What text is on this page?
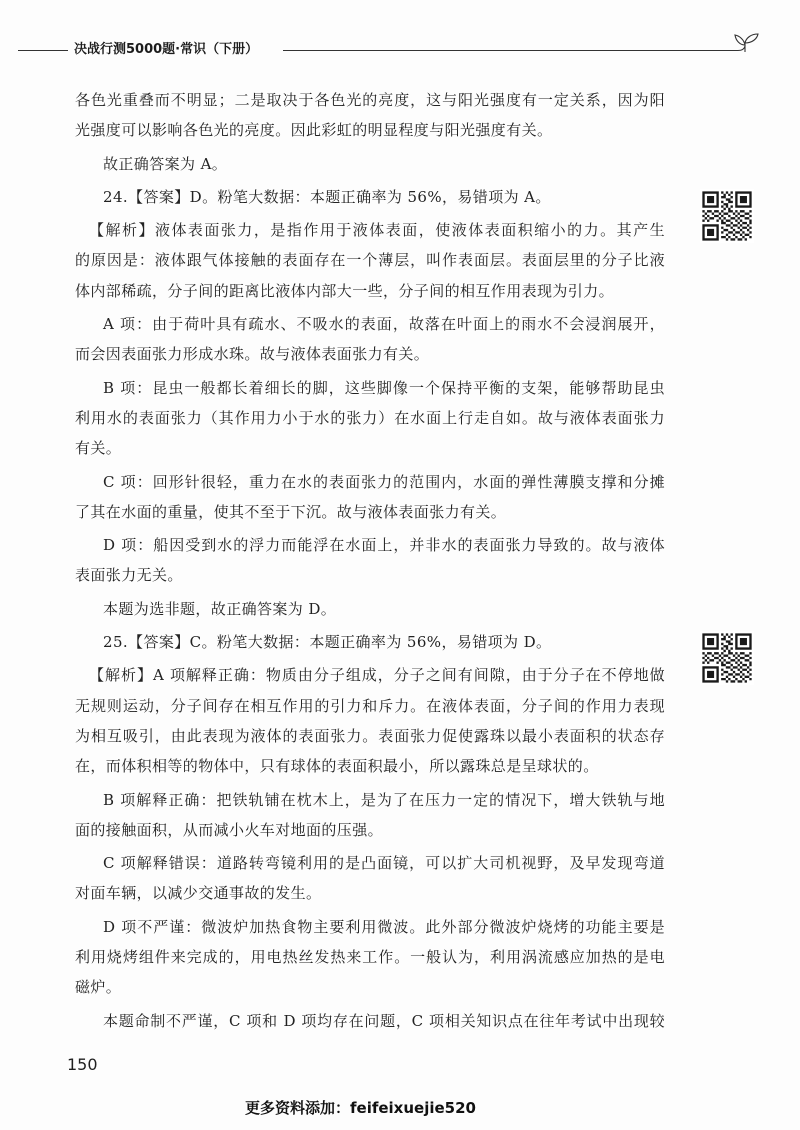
决战行测5000题·常识（下册）
各色光重叠而不明显；二是取决于各色光的亮度，这与阳光强度有一定关系，因为阳
光强度可以影响各色光的亮度。因此彩虹的明显程度与阳光强度有关。
故正确答案为 A。
24.【答案】D。粉笔大数据：本题正确率为 56%，易错项为 A。
【解析】液体表面张力，是指作用于液体表面，使液体表面积缩小的力。其产生
的原因是：液体跟气体接触的表面存在一个薄层，叫作表面层。表面层里的分子比液
体内部稀疏，分子间的距离比液体内部大一些，分子间的相互作用表现为引力。
A 项：由于荷叶具有疏水、不吸水的表面，故落在叶面上的雨水不会浸润展开，
而会因表面张力形成水珠。故与液体表面张力有关。
B 项：昆虫一般都长着细长的脚，这些脚像一个保持平衡的支架，能够帮助昆虫
利用水的表面张力（其作用力小于水的张力）在水面上行走自如。故与液体表面张力
有关。
C 项：回形针很轻，重力在水的表面张力的范围内，水面的弹性薄膜支撑和分摊
了其在水面的重量，使其不至于下沉。故与液体表面张力有关。
D 项：船因受到水的浮力而能浮在水面上，并非水的表面张力导致的。故与液体
表面张力无关。
本题为选非题，故正确答案为 D。
25.【答案】C。粉笔大数据：本题正确率为 56%，易错项为 D。
【解析】A 项解释正确：物质由分子组成，分子之间有间隙，由于分子在不停地做
无规则运动，分子间存在相互作用的引力和斥力。在液体表面，分子间的作用力表现
为相互吸引，由此表现为液体的表面张力。表面张力促使露珠以最小表面积的状态存
在，而体积相等的物体中，只有球体的表面积最小，所以露珠总是呈球状的。
B 项解释正确：把铁轨铺在枕木上，是为了在压力一定的情况下，增大铁轨与地
面的接触面积，从而减小火车对地面的压强。
C 项解释错误：道路转弯镜利用的是凸面镜，可以扩大司机视野，及早发现弯道
对面车辆，以减少交通事故的发生。
D 项不严谨：微波炉加热食物主要利用微波。此外部分微波炉烧烤的功能主要是
利用烧烤组件来完成的，用电热丝发热来工作。一般认为，利用涡流感应加热的是电
磁炉。
本题命制不严谨，C 项和 D 项均存在问题，C 项相关知识点在往年考试中出现较
150
更多资料添加：feifeixuejie520
